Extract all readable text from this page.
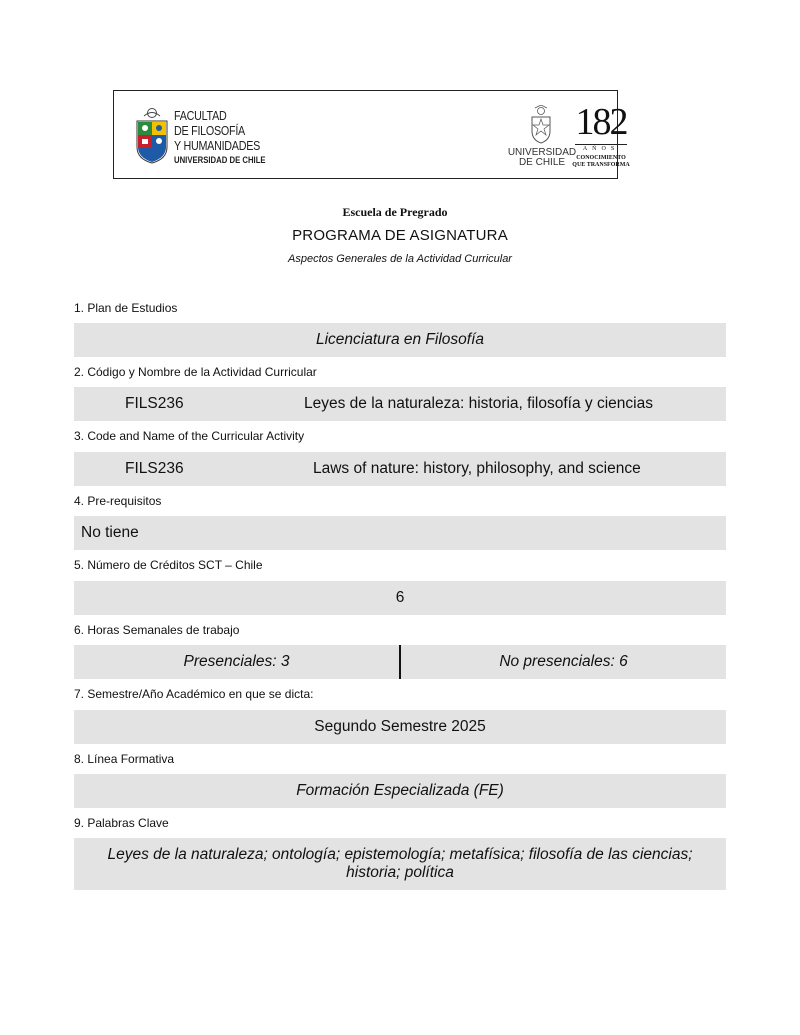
FACULTAD
DE FILOSOFÍA
Y HUMANIDADES
UNIVERSIDAD DE CHILE
UNIVERSIDAD
DE CHILE
182
AÑOS
CONOCIMIENTO
QUE TRANSFORMA
Escuela de Pregrado
PROGRAMA DE ASIGNATURA
Aspectos Generales de la Actividad Curricular
1. Plan de Estudios
Licenciatura en Filosofía
2. Código y Nombre de la Actividad Curricular
FILS236	Leyes de la naturaleza: historia, filosofía y ciencias
3. Code and Name of the Curricular Activity
FILS236	Laws of nature: history, philosophy, and science
4. Pre-requisitos
No tiene
5. Número de Créditos SCT – Chile
6
6. Horas Semanales de trabajo
Presenciales: 3	No presenciales: 6
7. Semestre/Año Académico en que se dicta:
Segundo Semestre 2025
8. Línea Formativa
Formación Especializada (FE)
9. Palabras Clave
Leyes de la naturaleza; ontología; epistemología; metafísica; filosofía de las ciencias;
historia; política
